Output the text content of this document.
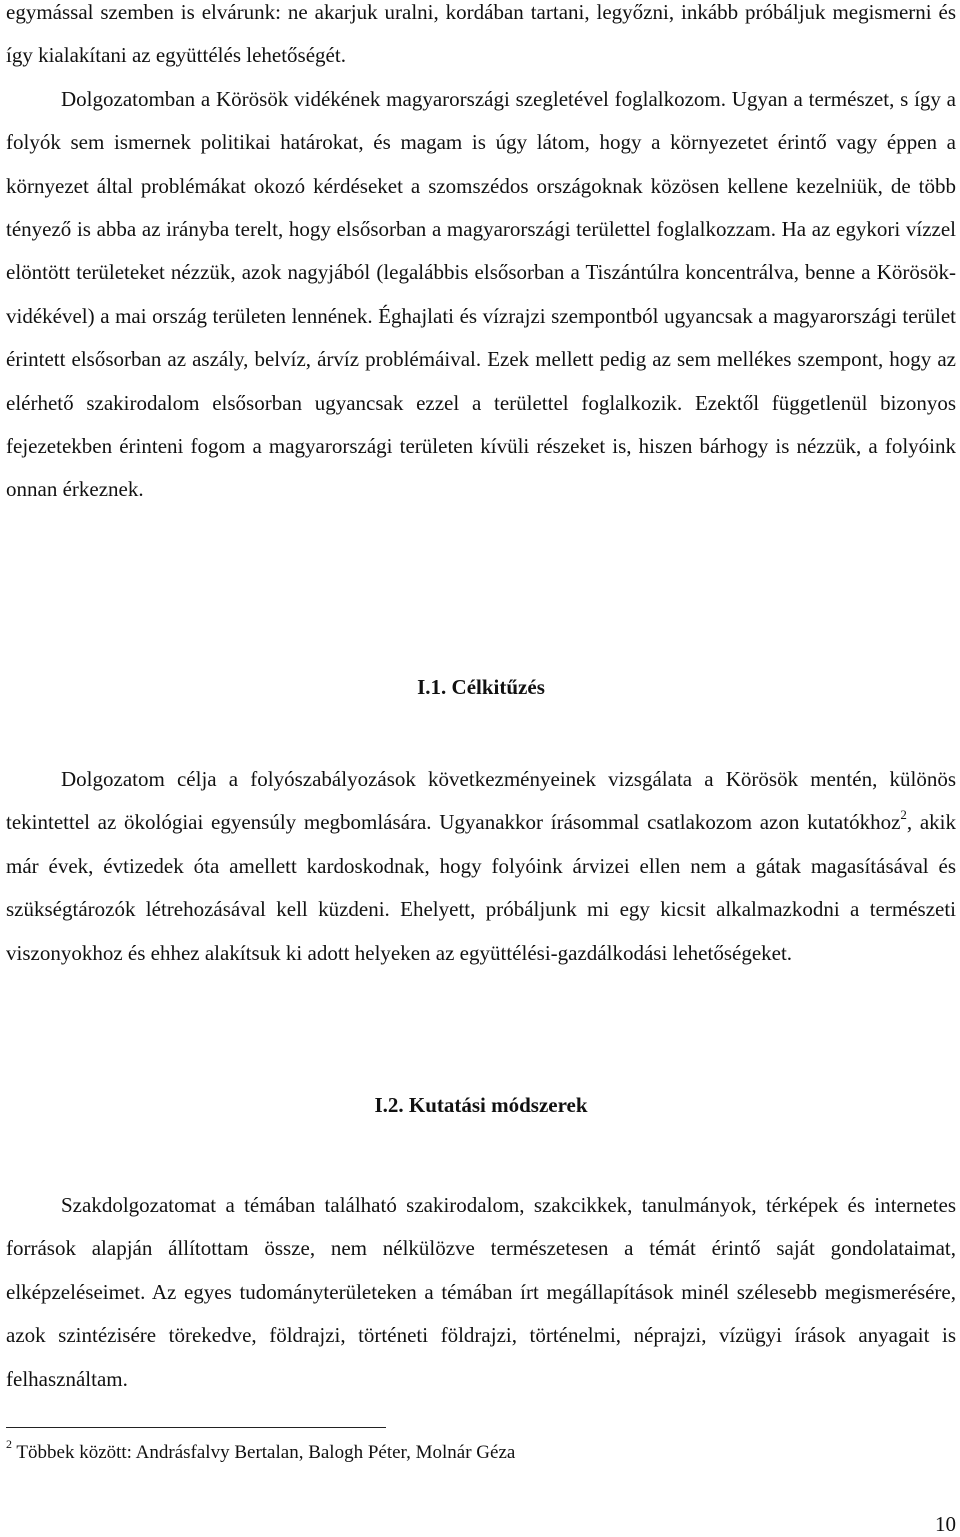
egymással szemben is elvárunk: ne akarjuk uralni, kordában tartani, legyőzni, inkább próbáljuk megismerni és így kialakítani az együttélés lehetőségét.

Dolgozatomban a Körösök vidékének magyarországi szegletével foglalkozom. Ugyan a természet, s így a folyók sem ismernek politikai határokat, és magam is úgy látom, hogy a környezetet érintő vagy éppen a környezet által problémákat okozó kérdéseket a szomszédos országoknak közösen kellene kezelniük, de több tényező is abba az irányba terelt, hogy elsősorban a magyarországi területtel foglalkozzam. Ha az egykori vízzel elöntött területeket nézzük, azok nagyjából (legalábbis elsősorban a Tiszántúlra koncentrálva, benne a Körösök-vidékével) a mai ország területen lennének. Éghajlati és vízrajzi szempontból ugyancsak a magyarországi terület érintett elsősorban az aszály, belvíz, árvíz problémáival. Ezek mellett pedig az sem mellékes szempont, hogy az elérhető szakirodalom elsősorban ugyancsak ezzel a területtel foglalkozik. Ezektől függetlenül bizonyos fejezetekben érinteni fogom a magyarországi területen kívüli részeket is, hiszen bárhogy is nézzük, a folyóink onnan érkeznek.

I.1. Célkitűzés

Dolgozatom célja a folyószabályozások következményeinek vizsgálata a Körösök mentén, különös tekintettel az ökológiai egyensúly megbomlására. Ugyanakkor írásommal csatlakozom azon kutatókhoz$^2$, akik már évek, évtizedek óta amellett kardoskodnak, hogy folyóink árvizei ellen nem a gátak magasításával és szükségtározók létrehozásával kell küzdeni. Ehelyett, próbáljunk mi egy kicsit alkalmazkodni a természeti viszonyokhoz és ehhez alakítsuk ki adott helyeken az együttélési-gazdálkodási lehetőségeket.

I.2. Kutatási módszerek

Szakdolgozatomat a témában található szakirodalom, szakcikkek, tanulmányok, térképek és internetes források alapján állítottam össze, nem nélkülözve természetesen a témát érintő saját gondolataimat, elképzeléseimet. Az egyes tudományterületeken a témában írt megállapítások minél szélesebb megismerésére, azok szintézisére törekedve, földrajzi, történeti földrajzi, történelmi, néprajzi, vízügyi írások anyagait is felhasználtam.

$^2$ Többek között: Andrásfalvy Bertalan, Balogh Péter, Molnár Géza

10
